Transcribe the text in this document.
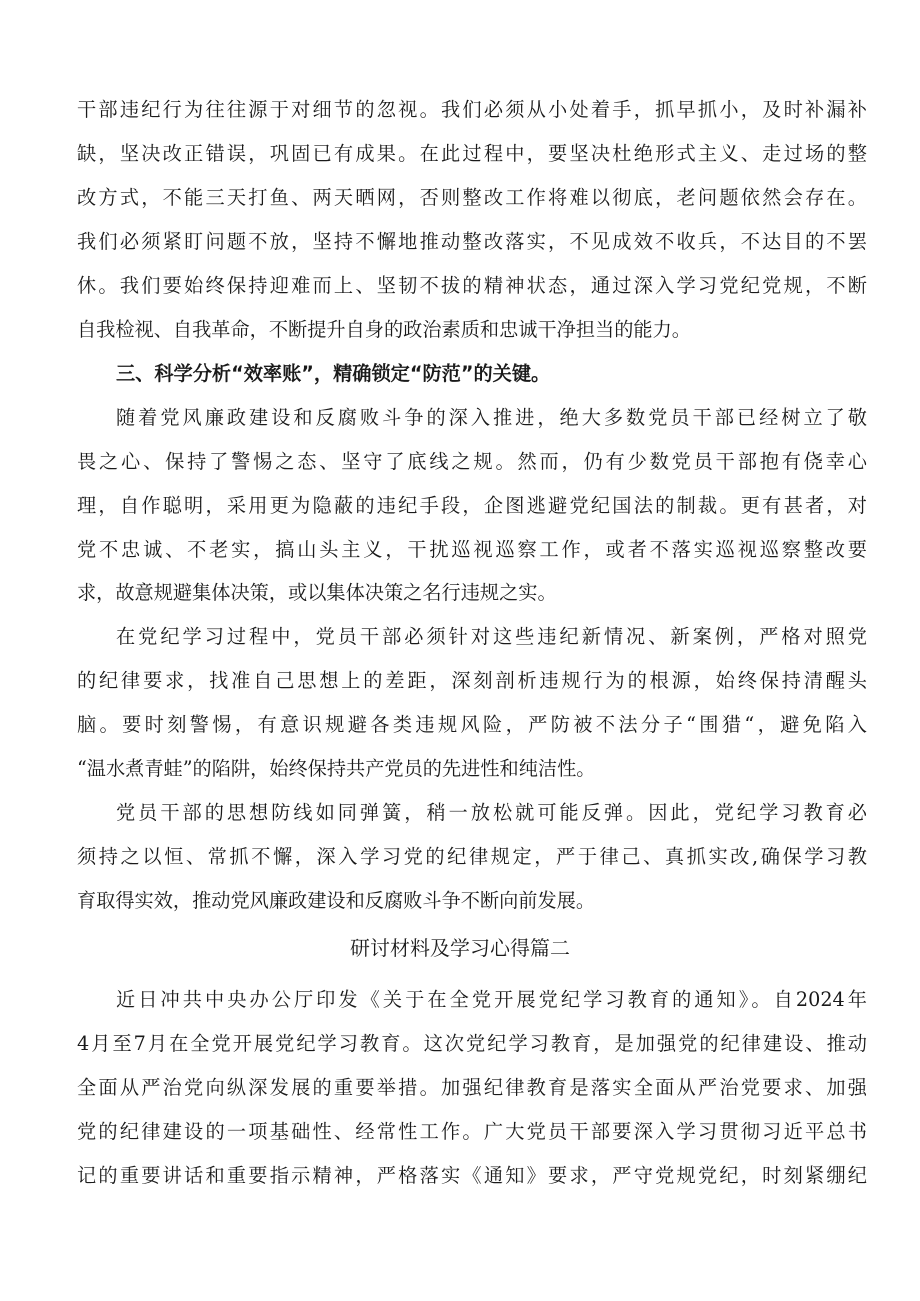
干部违纪行为往往源于对细节的忽视。我们必须从小处着手，抓早抓小，及时补漏补
缺，坚决改正错误，巩固已有成果。在此过程中，要坚决杜绝形式主义、走过场的整
改方式，不能三天打鱼、两天晒网，否则整改工作将难以彻底，老问题依然会存在。
我们必须紧盯问题不放，坚持不懈地推动整改落实，不见成效不收兵，不达目的不罢
休。我们要始终保持迎难而上、坚韧不拔的精神状态，通过深入学习党纪党规，不断
自我检视、自我革命，不断提升自身的政治素质和忠诚干净担当的能力。
三、科学分析“效率账”，精确锁定“防范”的关键。
随着党风廉政建设和反腐败斗争的深入推进，绝大多数党员干部已经树立了敬
畏之心、保持了警惕之态、坚守了底线之规。然而，仍有少数党员干部抱有侥幸心
理，自作聪明，采用更为隐蔽的违纪手段，企图逃避党纪国法的制裁。更有甚者，对
党不忠诚、不老实，搞山头主义，干扰巡视巡察工作，或者不落实巡视巡察整改要
求，故意规避集体决策，或以集体决策之名行违规之实。
在党纪学习过程中，党员干部必须针对这些违纪新情况、新案例，严格对照党
的纪律要求，找准自己思想上的差距，深刻剖析违规行为的根源，始终保持清醒头
脑。要时刻警惕，有意识规避各类违规风险，严防被不法分子“围猎“，避免陷入
“温水煮青蛙”的陷阱，始终保持共产党员的先进性和纯洁性。
党员干部的思想防线如同弹簧，稍一放松就可能反弹。因此，党纪学习教育必
须持之以恒、常抓不懈，深入学习党的纪律规定，严于律己、真抓实改,确保学习教
育取得实效，推动党风廉政建设和反腐败斗争不断向前发展。
研讨材料及学习心得篇二
近日冲共中央办公厅印发《关于在全党开展党纪学习教育的通知》。自2024年
4月至7月在全党开展党纪学习教育。这次党纪学习教育，是加强党的纪律建设、推动
全面从严治党向纵深发展的重要举措。加强纪律教育是落实全面从严治党要求、加强
党的纪律建设的一项基础性、经常性工作。广大党员干部要深入学习贯彻习近平总书
记的重要讲话和重要指示精神，严格落实《通知》要求，严守党规党纪，时刻紧绷纪
